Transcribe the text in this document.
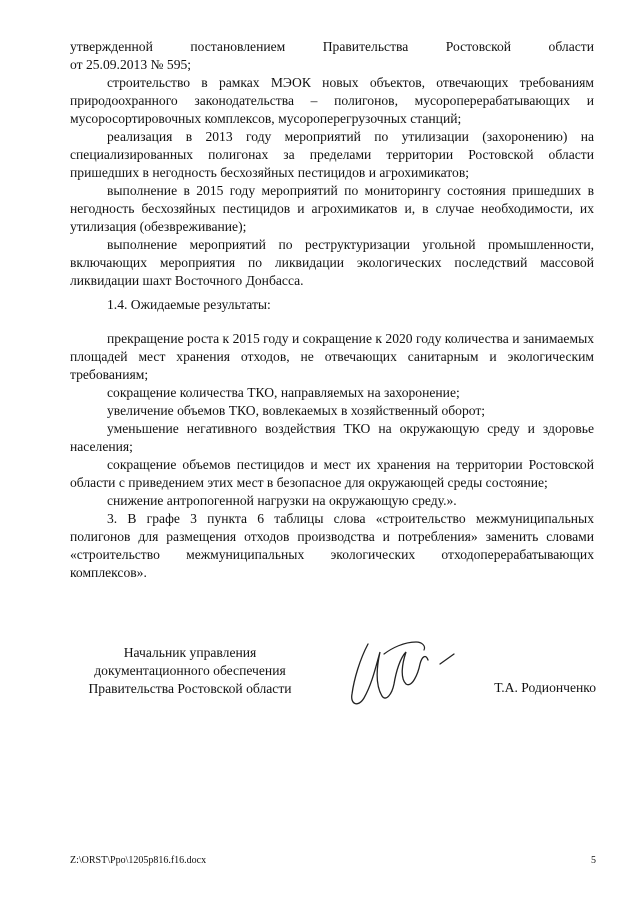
утвержденной постановлением Правительства Ростовской области

от 25.09.2013 № 595;

строительство в рамках МЭОК новых объектов, отвечающих требованиям природоохранного законодательства – полигонов, мусороперерабатывающих и мусоросортировочных комплексов, мусороперегрузочных станций;

реализация в 2013 году мероприятий по утилизации (захоронению) на специализированных полигонах за пределами территории Ростовской области пришедших в негодность бесхозяйных пестицидов и агрохимикатов;

выполнение в 2015 году мероприятий по мониторингу состояния пришедших в негодность бесхозяйных пестицидов и агрохимикатов и, в случае необходимости, их утилизация (обезвреживание);

выполнение мероприятий по реструктуризации угольной промышленности, включающих мероприятия по ликвидации экологических последствий массовой ликвидации шахт Восточного Донбасса.

1.4. Ожидаемые результаты:

прекращение роста к 2015 году и сокращение к 2020 году количества и занимаемых площадей мест хранения отходов, не отвечающих санитарным и экологическим требованиям;

сокращение количества ТКО, направляемых на захоронение;

увеличение объемов ТКО, вовлекаемых в хозяйственный оборот;

уменьшение негативного воздействия ТКО на окружающую среду и здоровье населения;

сокращение объемов пестицидов и мест их хранения на территории Ростовской области с приведением этих мест в безопасное для окружающей среды состояние;

снижение антропогенной нагрузки на окружающую среду.».

3. В графе 3 пункта 6 таблицы слова «строительство межмуниципальных полигонов для размещения отходов производства и потребления» заменить словами «строительство межмуниципальных экологических отходоперерабатывающих комплексов».

Начальник управления
документационного обеспечения
Правительства Ростовской области	Т.А. Родионченко
Z:\ORST\Ppo\1205p816.f16.docx	5
